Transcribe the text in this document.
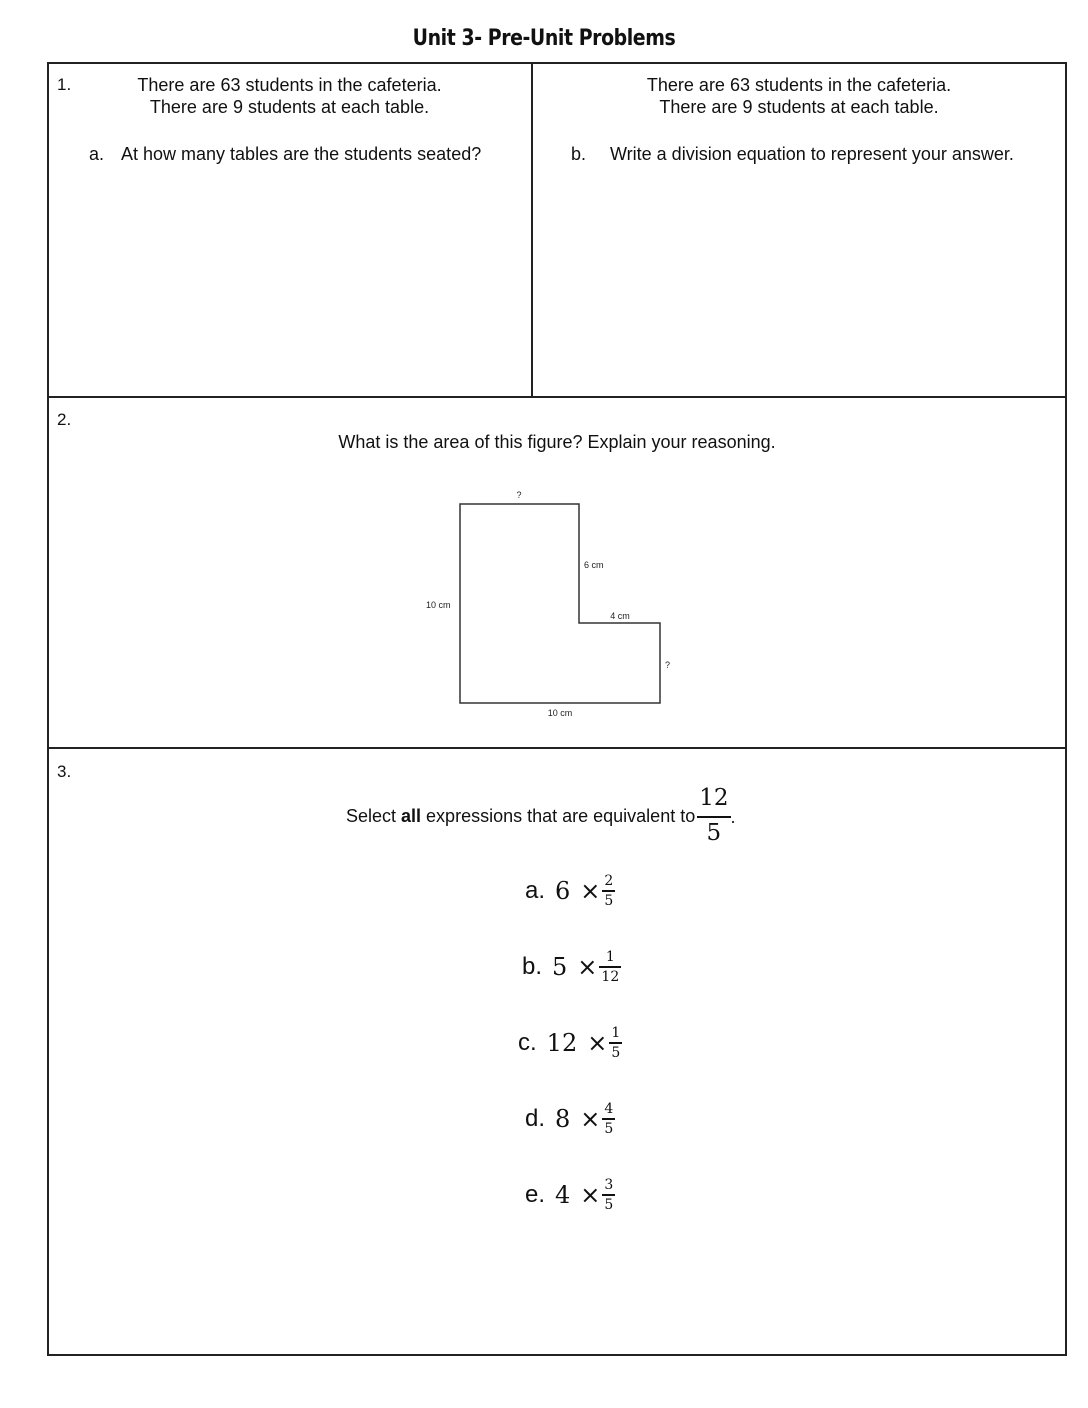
Unit 3- Pre-Unit Problems
1.	There are 63 students in the cafeteria.
There are 9 students at each table.
a. At how many tables are the students seated?
There are 63 students in the cafeteria.
There are 9 students at each table.
b. Write a division equation to represent your answer.
2.
What is the area of this figure? Explain your reasoning.
?
6 cm
10 cm
4 cm
?
10 cm
3.
Select all expressions that are equivalent to $\frac{12}{5}$ .
a. $6 \times \frac{2}{5}$
b. $5 \times \frac{1}{12}$
c. $12 \times \frac{1}{5}$
d. $8 \times \frac{4}{5}$
e. $4 \times \frac{3}{5}$
